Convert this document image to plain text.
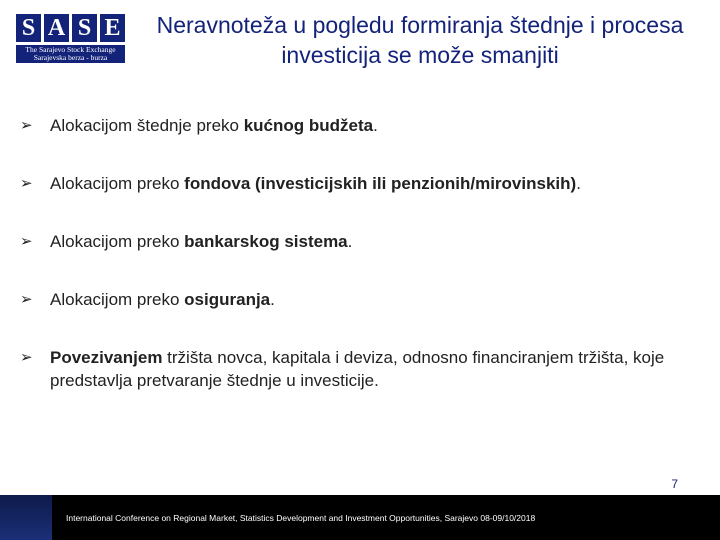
S A S E
The Sarajevo Stock Exchange
Sarajevska berza - burza
Neravnoteža u pogledu formiranja štednje i procesa investicija se može smanjiti
➢	Alokacijom štednje preko kućnog budžeta.
➢	Alokacijom preko fondova (investicijskih ili penzionih/mirovinskih).
➢	Alokacijom preko bankarskog sistema.
➢	Alokacijom preko osiguranja.
➢	Povezivanjem tržišta novca, kapitala i deviza, odnosno financiranjem tržišta, koje predstavlja pretvaranje štednje u investicije.
7
International Conference on Regional Market, Statistics Development and Investment Opportunities, Sarajevo 08-09/10/2018
